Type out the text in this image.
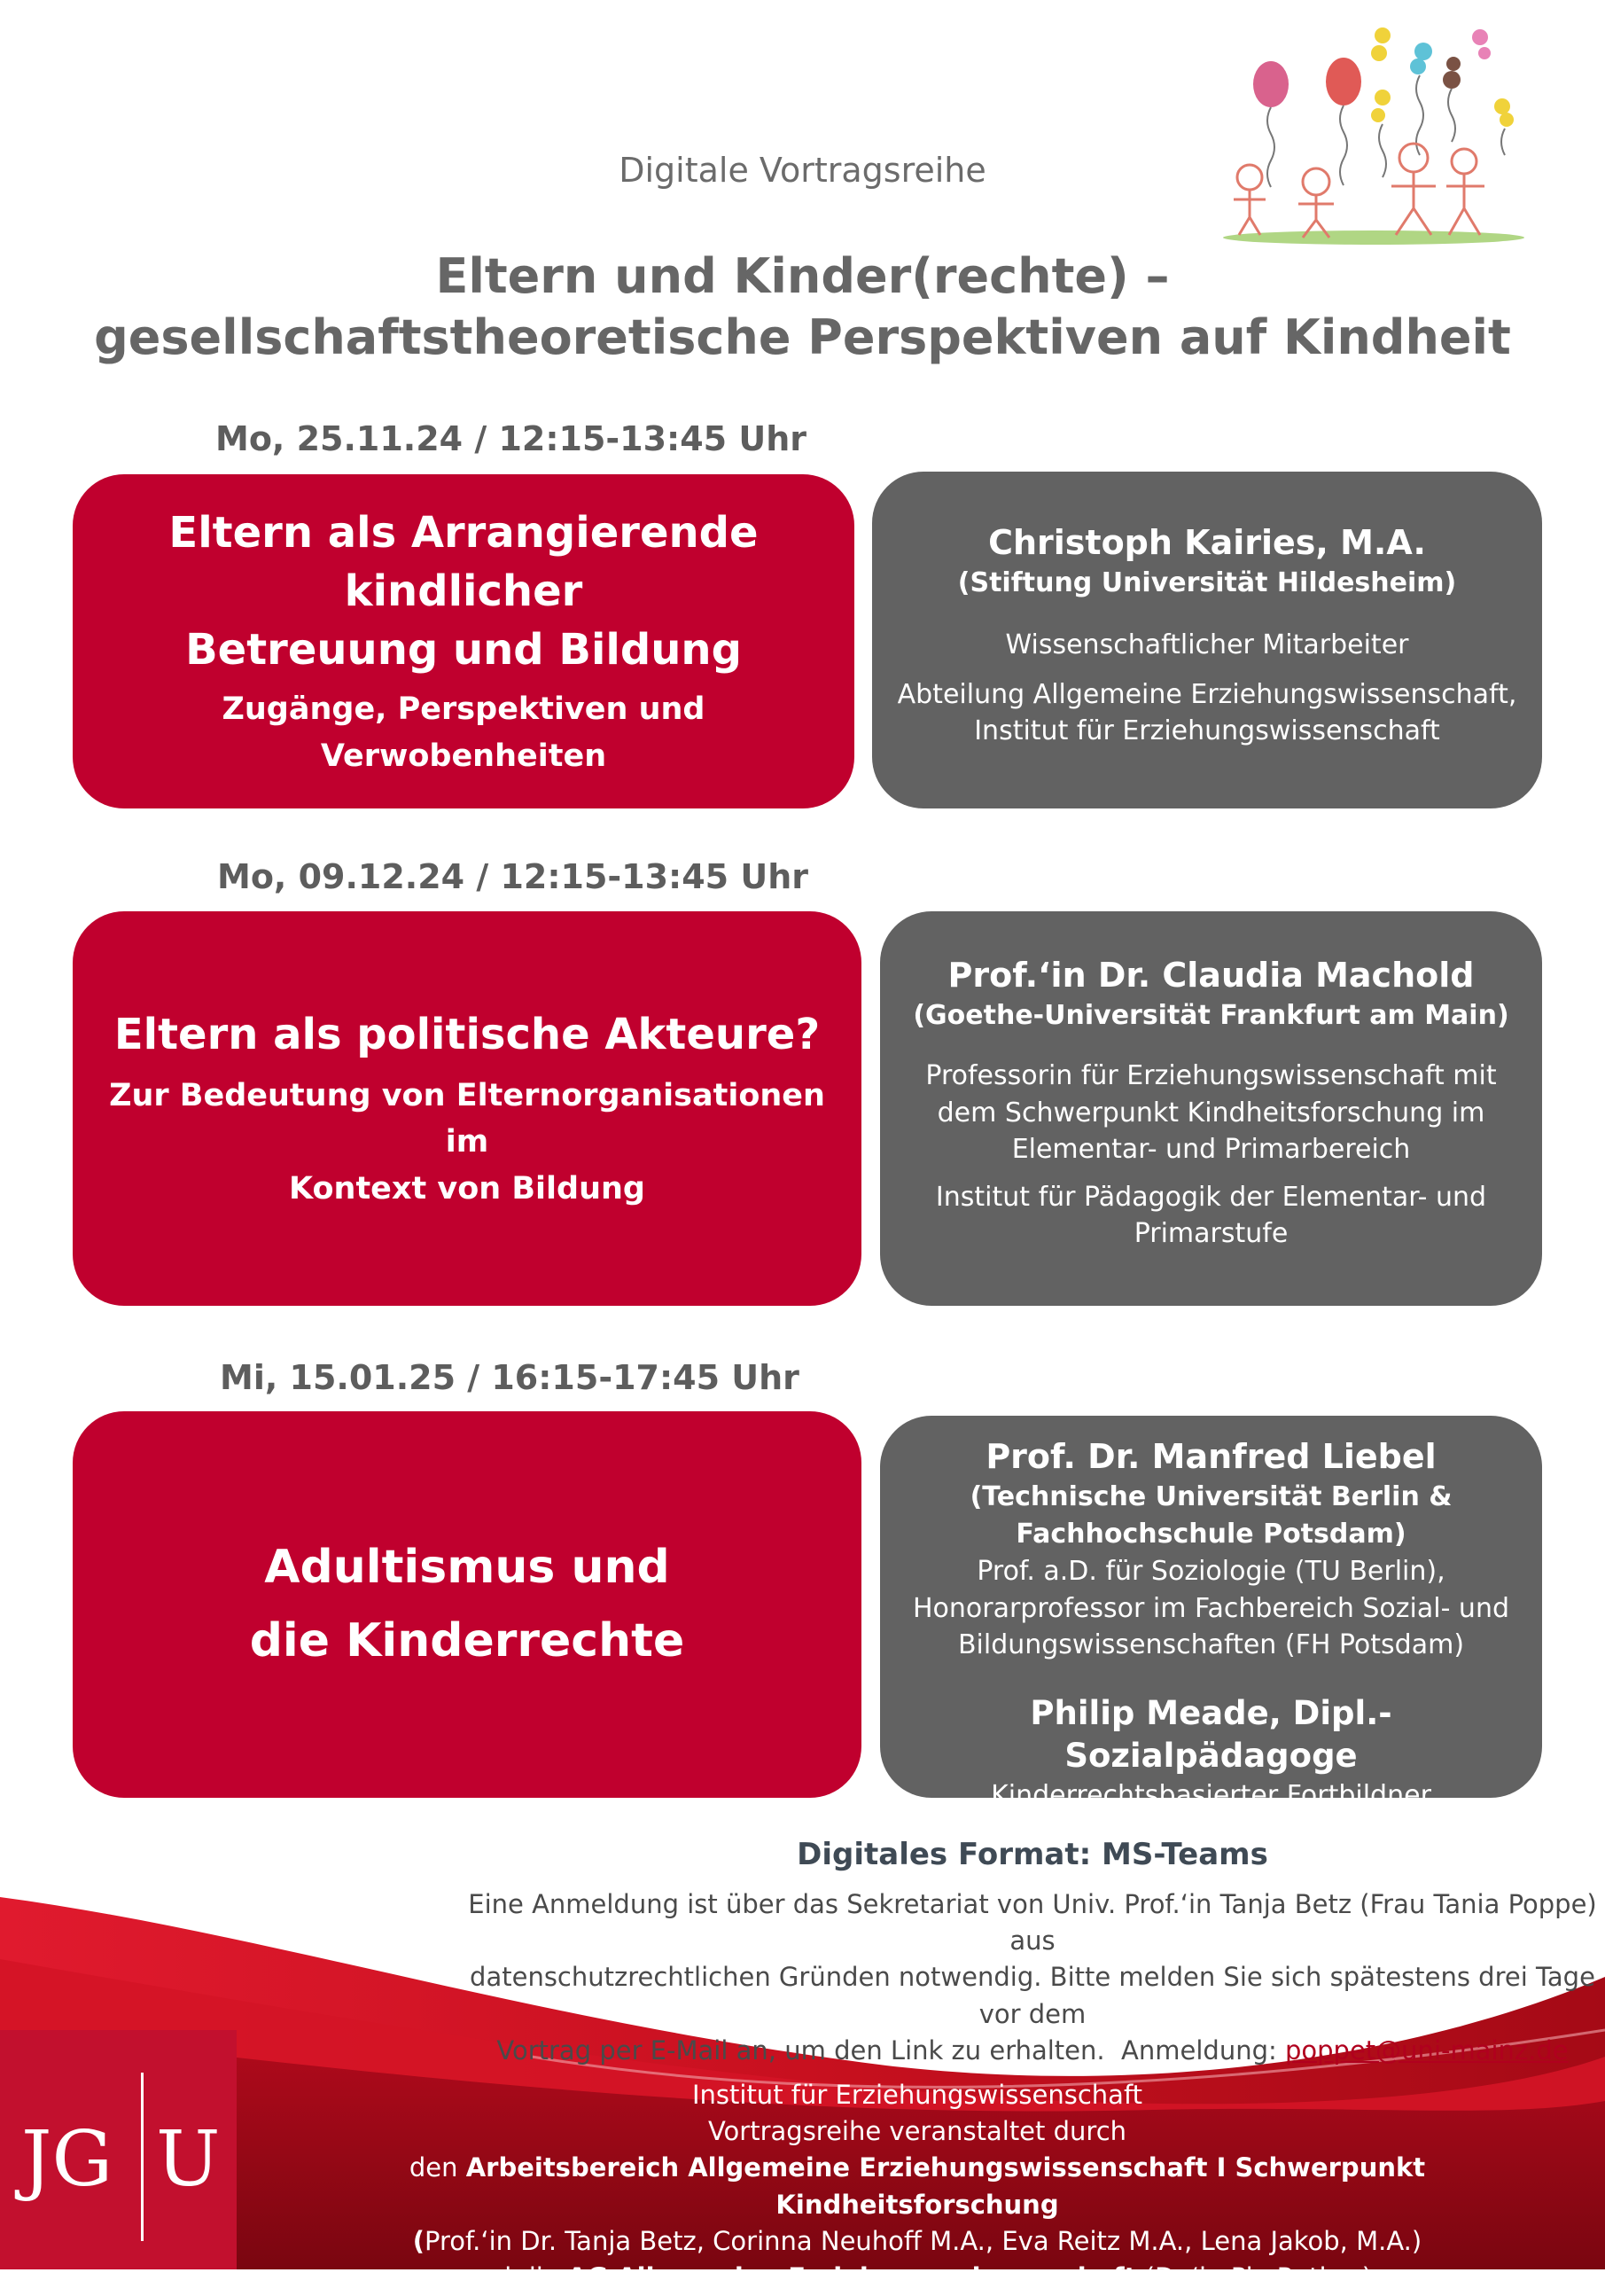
JG U
Digitale Vortragsreihe
Eltern und Kinder(rechte) –
gesellschaftstheoretische Perspektiven auf Kindheit
Mo, 25.11.24 / 12:15-13:45 Uhr
Eltern als Arrangierende kindlicher
Betreuung und Bildung
Zugänge, Perspektiven und Verwobenheiten
Christoph Kairies, M.A.
(Stiftung Universität Hildesheim)
Wissenschaftlicher Mitarbeiter
Abteilung Allgemeine Erziehungswissenschaft,
Institut für Erziehungswissenschaft
Mo, 09.12.24 / 12:15-13:45 Uhr
Eltern als politische Akteure?
Zur Bedeutung von Elternorganisationen im
Kontext von Bildung
Prof.‘in Dr. Claudia Machold
(Goethe-Universität Frankfurt am Main)
Professorin für Erziehungswissenschaft mit
dem Schwerpunkt Kindheitsforschung im
Elementar- und Primarbereich
Institut für Pädagogik der Elementar- und
Primarstufe
Mi, 15.01.25 / 16:15-17:45 Uhr
Adultismus und
die Kinderrechte
Prof. Dr. Manfred Liebel
(Technische Universität Berlin &
Fachhochschule Potsdam)
Prof. a.D. für Soziologie (TU Berlin),
Honorarprofessor im Fachbereich Sozial- und
Bildungswissenschaften (FH Potsdam)
Philip Meade, Dipl.-Sozialpädagoge
Kinderrechtsbasierter Fortbildner
Digitales Format: MS-Teams
Eine Anmeldung ist über das Sekretariat von Univ. Prof.‘in Tanja Betz (Frau Tania Poppe) aus
datenschutzrechtlichen Gründen notwendig. Bitte melden Sie sich spätestens drei Tage vor dem
Vortrag per E-Mail an, um den Link zu erhalten.  Anmeldung: poppet@uni-mainz.de
Institut für Erziehungswissenschaft
Vortragsreihe veranstaltet durch
den Arbeitsbereich Allgemeine Erziehungswissenschaft I Schwerpunkt Kindheitsforschung
(Prof.‘in Dr. Tanja Betz, Corinna Neuhoff M.A., Eva Reitz M.A., Lena Jakob, M.A.)
und die AG Allgemeine Erziehungswissenschaft (Dr.‘in Pia Rother)
